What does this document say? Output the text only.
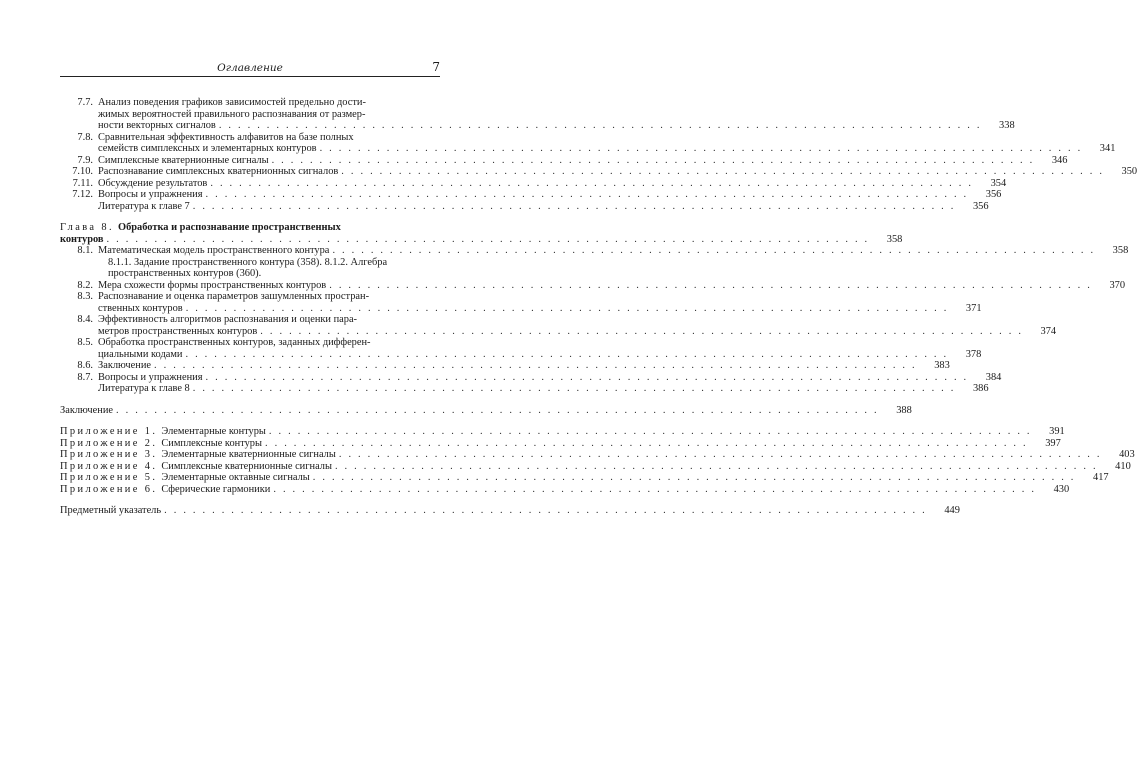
Оглавление	7
7.7. Анализ поведения графиков зависимостей предельно дости-
жимых вероятностей правильного распознавания от размер-
ности векторных сигналов . . . . . . . . . . . . . . . . . . . . . . . . . . . . . . . . . . . . . . . . . . . . . . . . . . . . . . . . . . . . . . . . . . . . . . . . . . . . . . . .	338
7.8. Сравнительная эффективность алфавитов на базе полных
семейств симплексных и элементарных контуров . . . . . . . . . . . . . . . . . . . . . . . . . . . . . . . . . . . . . . . . . . . . . . . . . . . . . . . . . . . . . . . . . . . . . . . . . . . . . . . .	341
7.9. Симплексные кватернионные сигналы . . . . . . . . . . . . . . . . . . . . . . . . . . . . . . . . . . . . . . . . . . . . . . . . . . . . . . . . . . . . . . . . . . . . . . . . . . . . . . . .	346
7.10. Распознавание симплексных кватернионных сигналов . . . . . . . . . . . . . . . . . . . . . . . . . . . . . . . . . . . . . . . . . . . . . . . . . . . . . . . . . . . . . . . . . . . . . . . . . . . . . . . .	350
7.11. Обсуждение результатов . . . . . . . . . . . . . . . . . . . . . . . . . . . . . . . . . . . . . . . . . . . . . . . . . . . . . . . . . . . . . . . . . . . . . . . . . . . . . . . .	354
7.12. Вопросы и упражнения . . . . . . . . . . . . . . . . . . . . . . . . . . . . . . . . . . . . . . . . . . . . . . . . . . . . . . . . . . . . . . . . . . . . . . . . . . . . . . . .	356
Литература к главе 7 . . . . . . . . . . . . . . . . . . . . . . . . . . . . . . . . . . . . . . . . . . . . . . . . . . . . . . . . . . . . . . . . . . . . . . . . . . . . . . . .	356
Глава 8. Обработка и распознавание пространственных
контуров . . . . . . . . . . . . . . . . . . . . . . . . . . . . . . . . . . . . . . . . . . . . . . . . . . . . . . . . . . . . . . . . . . . . . . . . . . . . . . . .	358
8.1. Математическая модель пространственного контура . . . . . . . . . . . . . . . . . . . . . . . . . . . . . . . . . . . . . . . . . . . . . . . . . . . . . . . . . . . . . . . . . . . . . . . . . . . . . . . .	358
8.1.1. Задание пространственного контура (358). 8.1.2. Алгебра
пространственных контуров (360).
8.2. Мера схожести формы пространственных контуров . . . . . . . . . . . . . . . . . . . . . . . . . . . . . . . . . . . . . . . . . . . . . . . . . . . . . . . . . . . . . . . . . . . . . . . . . . . . . . . .	370
8.3. Распознавание и оценка параметров зашумленных простран-
ственных контуров . . . . . . . . . . . . . . . . . . . . . . . . . . . . . . . . . . . . . . . . . . . . . . . . . . . . . . . . . . . . . . . . . . . . . . . . . . . . . . . .	371
8.4. Эффективность алгоритмов распознавания и оценки пара-
метров пространственных контуров . . . . . . . . . . . . . . . . . . . . . . . . . . . . . . . . . . . . . . . . . . . . . . . . . . . . . . . . . . . . . . . . . . . . . . . . . . . . . . . .	374
8.5. Обработка пространственных контуров, заданных дифферен-
циальными кодами . . . . . . . . . . . . . . . . . . . . . . . . . . . . . . . . . . . . . . . . . . . . . . . . . . . . . . . . . . . . . . . . . . . . . . . . . . . . . . . .	378
8.6. Заключение . . . . . . . . . . . . . . . . . . . . . . . . . . . . . . . . . . . . . . . . . . . . . . . . . . . . . . . . . . . . . . . . . . . . . . . . . . . . . . . .	383
8.7. Вопросы и упражнения . . . . . . . . . . . . . . . . . . . . . . . . . . . . . . . . . . . . . . . . . . . . . . . . . . . . . . . . . . . . . . . . . . . . . . . . . . . . . . . .	384
Литература к главе 8 . . . . . . . . . . . . . . . . . . . . . . . . . . . . . . . . . . . . . . . . . . . . . . . . . . . . . . . . . . . . . . . . . . . . . . . . . . . . . . . .	386
Заключение . . . . . . . . . . . . . . . . . . . . . . . . . . . . . . . . . . . . . . . . . . . . . . . . . . . . . . . . . . . . . . . . . . . . . . . . . . . . . . . .	388
Приложение 1. Элементарные контуры . . . . . . . . . . . . . . . . . . . . . . . . . . . . . . . . . . . . . . . . . . . . . . . . . . . . . . . . . . . . . . . . . . . . . . . . . . . . . . . .	391
Приложение 2. Симплексные контуры . . . . . . . . . . . . . . . . . . . . . . . . . . . . . . . . . . . . . . . . . . . . . . . . . . . . . . . . . . . . . . . . . . . . . . . . . . . . . . . .	397
Приложение 3. Элементарные кватернионные сигналы . . . . . . . . . . . . . . . . . . . . . . . . . . . . . . . . . . . . . . . . . . . . . . . . . . . . . . . . . . . . . . . . . . . . . . . . . . . . . . . .	403
Приложение 4. Симплексные кватернионные сигналы . . . . . . . . . . . . . . . . . . . . . . . . . . . . . . . . . . . . . . . . . . . . . . . . . . . . . . . . . . . . . . . . . . . . . . . . . . . . . . . .	410
Приложение 5. Элементарные октавные сигналы . . . . . . . . . . . . . . . . . . . . . . . . . . . . . . . . . . . . . . . . . . . . . . . . . . . . . . . . . . . . . . . . . . . . . . . . . . . . . . . .	417
Приложение 6. Сферические гармоники . . . . . . . . . . . . . . . . . . . . . . . . . . . . . . . . . . . . . . . . . . . . . . . . . . . . . . . . . . . . . . . . . . . . . . . . . . . . . . . .	430
Предметный указатель . . . . . . . . . . . . . . . . . . . . . . . . . . . . . . . . . . . . . . . . . . . . . . . . . . . . . . . . . . . . . . . . . . . . . . . . . . . . . . . .	449
